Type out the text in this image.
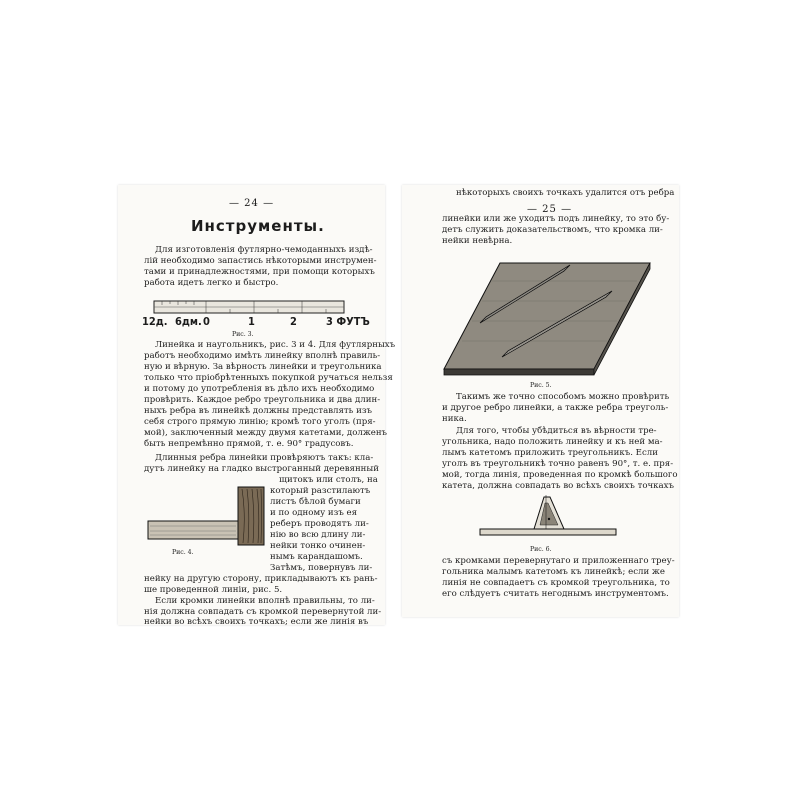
— 24 —
Инструменты.
Для изготовленія футлярно-чемоданныхъ издѣ-
лій необходимо запастись нѣкоторыми инструмен-
тами и принадлежностями, при помощи которыхъ
работа идетъ легко и быстро.
12д. 6дм. 0	1	2	3 ФУТЪ
Рис. 3.
Линейка и наугольникъ, рис. 3 и 4. Для футлярныхъ
работъ необходимо имѣть линейку вполнѣ правиль-
ную и вѣрную. За вѣрность линейки и треугольника
только что пріобрѣтенныхъ покупкой ручаться нельзя
и потому до употребленія въ дѣло ихъ необходимо
провѣрить. Каждое ребро треугольника и два длин-
ныхъ ребра въ линейкѣ должны представлять изъ
себя строго прямую линію; кромѣ того уголъ (пря-
мой), заключенный между двумя катетами, долженъ
быть непремѣнно прямой, т. е. 90° градусовъ.
Длинныя ребра линейки провѣряютъ такъ: кла-
дутъ линейку на гладко выстроганный деревянный
Рис. 4.
щитокъ или столъ, на
который разстилаютъ
листъ бѣлой бумаги
и по одному изъ ея
реберъ проводятъ ли-
нію во всю длину ли-
нейки тонко очинен-
нымъ карандашомъ.
Затѣмъ, повернувъ ли-
нейку на другую сторону, прикладываютъ къ рань-
ше проведенной линіи, рис. 5.
Если кромки линейки вполнѣ правильны, то ли-
нія должна совпадать съ кромкой перевернутой ли-
нейки во всѣхъ своихъ точкахъ; если же линія въ
нѣкоторыхъ своихъ точкахъ удалится отъ ребра
— 25 —
линейки или же уходитъ подъ линейку, то это бу-
детъ служить доказательствомъ, что кромка ли-
нейки невѣрна.
Рис. 5.
Такимъ же точно способомъ можно провѣрить
и другое ребро линейки, а также ребра треуголь-
ника.
Для того, чтобы убѣдиться въ вѣрности тре-
угольника, надо положить линейку и къ ней ма-
лымъ катетомъ приложить треугольникъ. Если
уголъ въ треугольникѣ точно равенъ 90°, т. е. пря-
мой, тогда линія, проведенная по кромкѣ большого
катета, должна совпадать во всѣхъ своихъ точкахъ
Рис. 6.
съ кромками перевернутаго и приложеннаго треу-
гольника малымъ катетомъ къ линейкѣ; если же
линія не совпадаетъ съ кромкой треугольника, то
его слѣдуетъ считать негоднымъ инструментомъ.
